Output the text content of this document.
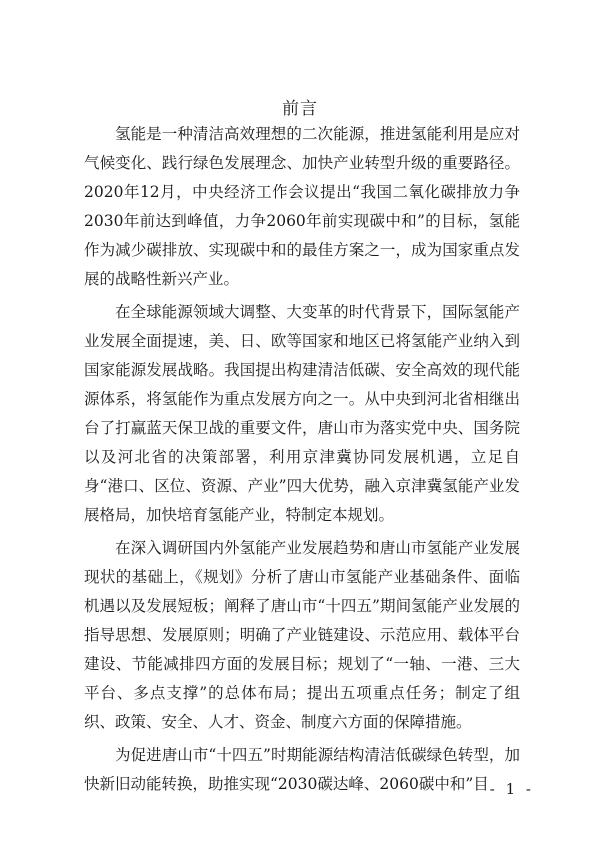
前言

氢能是一种清洁高效理想的二次能源，推进氢能利用是应对气候变化、践行绿色发展理念、加快产业转型升级的重要路径。2020年12月，中央经济工作会议提出“我国二氧化碳排放力争2030年前达到峰值，力争2060年前实现碳中和”的目标，氢能作为减少碳排放、实现碳中和的最佳方案之一，成为国家重点发展的战略性新兴产业。

在全球能源领域大调整、大变革的时代背景下，国际氢能产业发展全面提速，美、日、欧等国家和地区已将氢能产业纳入到国家能源发展战略。我国提出构建清洁低碳、安全高效的现代能源体系，将氢能作为重点发展方向之一。从中央到河北省相继出台了打赢蓝天保卫战的重要文件，唐山市为落实党中央、国务院以及河北省的决策部署，利用京津冀协同发展机遇，立足自身“港口、区位、资源、产业”四大优势，融入京津冀氢能产业发展格局，加快培育氢能产业，特制定本规划。

在深入调研国内外氢能产业发展趋势和唐山市氢能产业发展现状的基础上，《规划》分析了唐山市氢能产业基础条件、面临机遇以及发展短板；阐释了唐山市“十四五”期间氢能产业发展的指导思想、发展原则；明确了产业链建设、示范应用、载体平台建设、节能减排四方面的发展目标；规划了“一轴、一港、三大平台、多点支撑”的总体布局；提出五项重点任务；制定了组织、政策、安全、人才、资金、制度六方面的保障措施。

为促进唐山市“十四五”时期能源结构清洁低碳绿色转型，加快新旧动能转换，助推实现“2030碳达峰、2060碳中和”目 - 1 -
